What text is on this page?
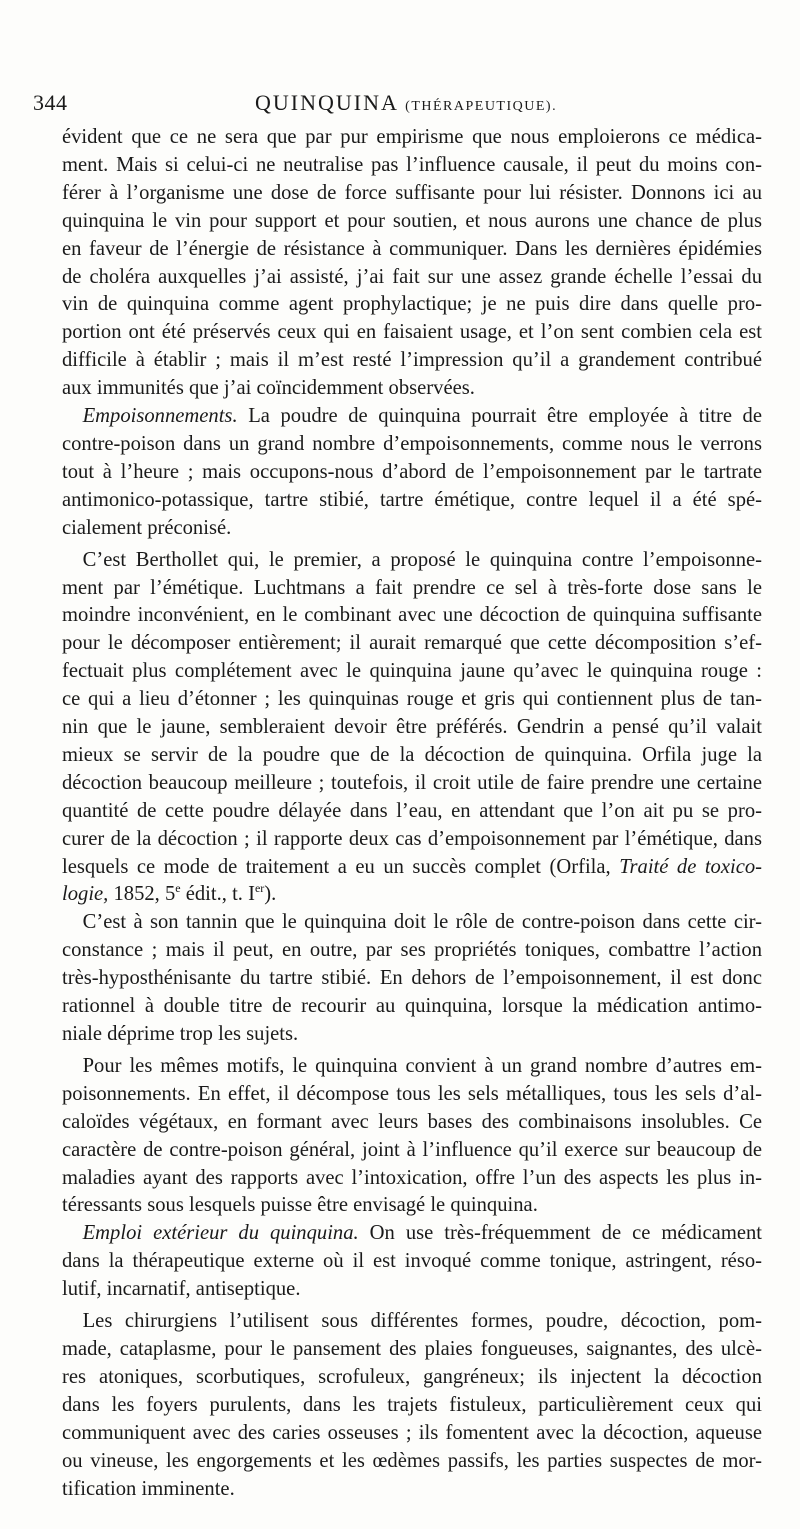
344	QUINQUINA (THÉRAPEUTIQUE).
évident que ce ne sera que par pur empirisme que nous emploierons ce médica-
ment. Mais si celui-ci ne neutralise pas l’influence causale, il peut du moins con-
férer à l’organisme une dose de force suffisante pour lui résister. Donnons ici au
quinquina le vin pour support et pour soutien, et nous aurons une chance de plus
en faveur de l’énergie de résistance à communiquer. Dans les dernières épidémies
de choléra auxquelles j’ai assisté, j’ai fait sur une assez grande échelle l’essai du
vin de quinquina comme agent prophylactique; je ne puis dire dans quelle pro-
portion ont été préservés ceux qui en faisaient usage, et l’on sent combien cela est
difficile à établir ; mais il m’est resté l’impression qu’il a grandement contribué
aux immunités que j’ai coïncidemment observées.
 Empoisonnements. La poudre de quinquina pourrait être employée à titre de
contre-poison dans un grand nombre d’empoisonnements, comme nous le verrons
tout à l’heure ; mais occupons-nous d’abord de l’empoisonnement par le tartrate
antimonico-potassique, tartre stibié, tartre émétique, contre lequel il a été spé-
cialement préconisé.
 C’est Berthollet qui, le premier, a proposé le quinquina contre l’empoisonne-
ment par l’émétique. Luchtmans a fait prendre ce sel à très-forte dose sans le
moindre inconvénient, en le combinant avec une décoction de quinquina suffisante
pour le décomposer entièrement; il aurait remarqué que cette décomposition s’ef-
fectuait plus complétement avec le quinquina jaune qu’avec le quinquina rouge :
ce qui a lieu d’étonner ; les quinquinas rouge et gris qui contiennent plus de tan-
nin que le jaune, sembleraient devoir être préférés. Gendrin a pensé qu’il valait
mieux se servir de la poudre que de la décoction de quinquina. Orfila juge la
décoction beaucoup meilleure ; toutefois, il croit utile de faire prendre une certaine
quantité de cette poudre délayée dans l’eau, en attendant que l’on ait pu se pro-
curer de la décoction ; il rapporte deux cas d’empoisonnement par l’émétique, dans
lesquels ce mode de traitement a eu un succès complet (Orfila, Traité de toxico-
logie, 1852, 5e édit., t. Ier).
 C’est à son tannin que le quinquina doit le rôle de contre-poison dans cette cir-
constance ; mais il peut, en outre, par ses propriétés toniques, combattre l’action
très-hyposthénisante du tartre stibié. En dehors de l’empoisonnement, il est donc
rationnel à double titre de recourir au quinquina, lorsque la médication antimo-
niale déprime trop les sujets.
 Pour les mêmes motifs, le quinquina convient à un grand nombre d’autres em-
poisonnements. En effet, il décompose tous les sels métalliques, tous les sels d’al-
caloïdes végétaux, en formant avec leurs bases des combinaisons insolubles. Ce
caractère de contre-poison général, joint à l’influence qu’il exerce sur beaucoup de
maladies ayant des rapports avec l’intoxication, offre l’un des aspects les plus in-
téressants sous lesquels puisse être envisagé le quinquina.
 Emploi extérieur du quinquina. On use très-fréquemment de ce médicament
dans la thérapeutique externe où il est invoqué comme tonique, astringent, réso-
lutif, incarnatif, antiseptique.
 Les chirurgiens l’utilisent sous différentes formes, poudre, décoction, pom-
made, cataplasme, pour le pansement des plaies fongueuses, saignantes, des ulcè-
res atoniques, scorbutiques, scrofuleux, gangréneux; ils injectent la décoction
dans les foyers purulents, dans les trajets fistuleux, particulièrement ceux qui
communiquent avec des caries osseuses ; ils fomentent avec la décoction, aqueuse
ou vineuse, les engorgements et les œdèmes passifs, les parties suspectes de mor-
tification imminente.
